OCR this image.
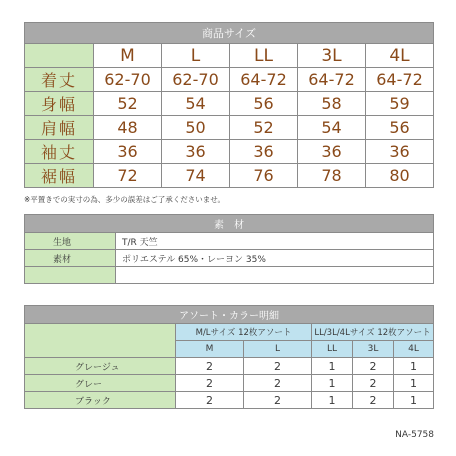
商品サイズ					
	M	L	LL	3L	4L
着丈	62-70	62-70	64-72	64-72	64-72
身幅	52	54	56	58	59
肩幅	48	50	52	54	56
袖丈	36	36	36	36	36
裾幅	72	74	76	78	80
※平置きでの実寸の為、多少の誤差はご了承くださいませ。
素　材	
生地	T/R 天竺
素材	ポリエステル 65%・レーヨン 35%

アソート・カラー明細					
	M/Lサイズ 12枚アソート		LL/3L/4Lサイズ 12枚アソート		
	M	L	LL	3L	4L
グレージュ	2	2	1	2	1
グレー	2	2	1	2	1
ブラック	2	2	1	2	1
NA-5758
